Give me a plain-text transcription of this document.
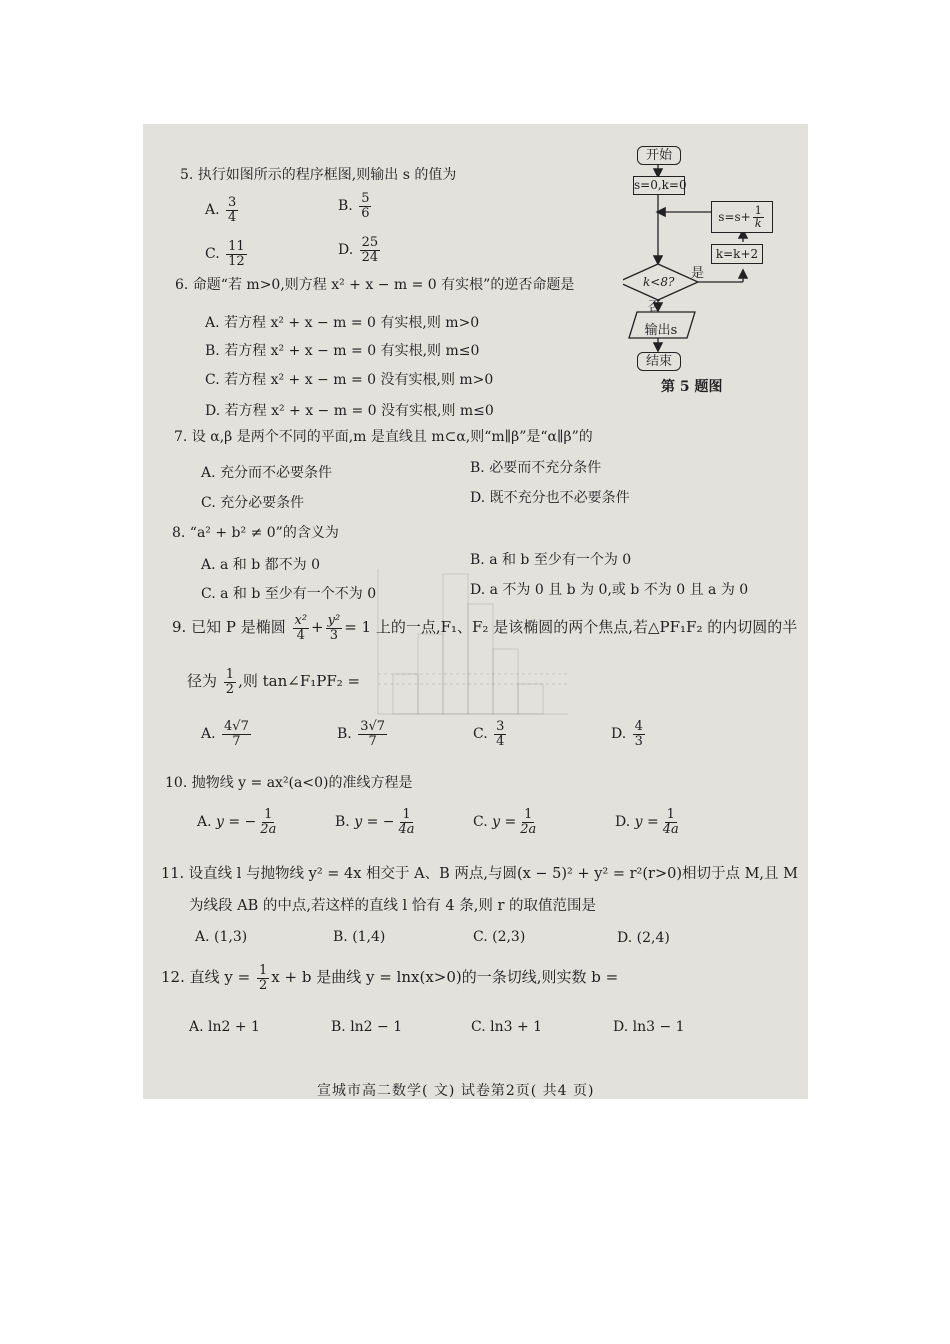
开始
s=0,k=0
$s=s+ \frac{1}{k}$
k=k+2
k<8?
是
否
输出s
结束
第 5 题图
5. 执行如图所示的程序框图,则输出 s 的值为
A. $\frac{3}{4}$	B. $\frac{5}{6}$
C. $\frac{11}{12}$	D. $\frac{25}{24}$
6. 命题“若 m>0,则方程 x² + x − m = 0 有实根”的逆否命题是
A. 若方程 x² + x − m = 0 有实根,则 m>0
B. 若方程 x² + x − m = 0 有实根,则 m≤0
C. 若方程 x² + x − m = 0 没有实根,则 m>0
D. 若方程 x² + x − m = 0 没有实根,则 m≤0
7. 设 α,β 是两个不同的平面,m 是直线且 m⊂α,则“m∥β”是“α∥β”的
A. 充分而不必要条件	B. 必要而不充分条件
C. 充分必要条件	D. 既不充分也不必要条件
8. “a² + b² ≠ 0”的含义为
A. a 和 b 都不为 0	B. a 和 b 至少有一个为 0
C. a 和 b 至少有一个不为 0	D. a 不为 0 且 b 为 0,或 b 不为 0 且 a 为 0
9. 已知 P 是椭圆 $\frac{\text{x²}}{4} + \frac{\text{y²}}{3} = 1$ 上的一点,F₁、F₂ 是该椭圆的两个焦点,若△PF₁F₂ 的内切圆的半
径为 $\frac{1}{2}$ ,则 tan∠F₁PF₂ =
A. $\frac{4√7}{7}$	B. $\frac{3√7}{7}$	C. $\frac{3}{4}$	D. $\frac{4}{3}$
10. 抛物线 y = ax²(a<0)的准线方程是
A. y = − $\frac{1}{2a}$	B. y = − $\frac{1}{4a}$	C. $y = \frac{1}{2a}$	D. $y = \frac{1}{4a}$
11. 设直线 l 与抛物线 y² = 4x 相交于 A、B 两点,与圆(x − 5)² + y² = r²(r>0)相切于点 M,且 M
为线段 AB 的中点,若这样的直线 l 恰有 4 条,则 r 的取值范围是
A. (1,3)	B. (1,4)	C. (2,3)	D. (2,4)
12. 直线 $y = \frac{1}{2}$ x + b 是曲线 y = lnx(x>0)的一条切线,则实数 b =
A. ln2 + 1	B. ln2 − 1	C. ln3 + 1	D. ln3 − 1
宣城市高二数学( 文) 试卷第2页( 共4 页)
